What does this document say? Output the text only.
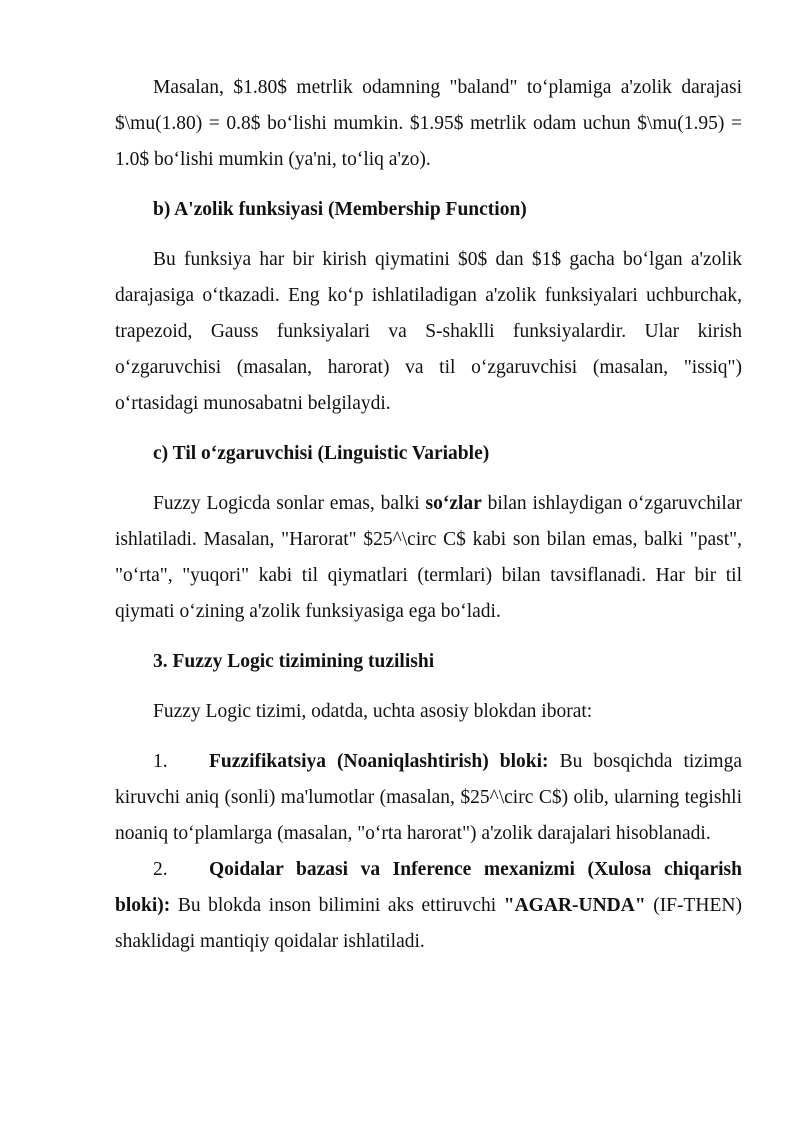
Masalan, $1.80$ metrlik odamning "baland" to‘plamiga a'zolik darajasi $\mu(1.80) = 0.8$ bo‘lishi mumkin. $1.95$ metrlik odam uchun $\mu(1.95) = 1.0$ bo‘lishi mumkin (ya'ni, to‘liq a'zo).

b) A'zolik funksiyasi (Membership Function)

Bu funksiya har bir kirish qiymatini $0$ dan $1$ gacha bo‘lgan a'zolik darajasiga o‘tkazadi. Eng ko‘p ishlatiladigan a'zolik funksiyalari uchburchak, trapezoid, Gauss funksiyalari va S-shaklli funksiyalardir. Ular kirish o‘zgaruvchisi (masalan, harorat) va til o‘zgaruvchisi (masalan, "issiq") o‘rtasidagi munosabatni belgilaydi.

c) Til o‘zgaruvchisi (Linguistic Variable)

Fuzzy Logicda sonlar emas, balki so‘zlar bilan ishlaydigan o‘zgaruvchilar ishlatiladi. Masalan, "Harorat" $25^\circ C$ kabi son bilan emas, balki "past", "o‘rta", "yuqori" kabi til qiymatlari (termlari) bilan tavsiflanadi. Har bir til qiymati o‘zining a'zolik funksiyasiga ega bo‘ladi.

3. Fuzzy Logic tizimining tuzilishi

Fuzzy Logic tizimi, odatda, uchta asosiy blokdan iborat:

1. Fuzzifikatsiya (Noaniqlashtirish) bloki: Bu bosqichda tizimga kiruvchi aniq (sonli) ma'lumotlar (masalan, $25^\circ C$) olib, ularning tegishli noaniq to‘plamlarga (masalan, "o‘rta harorat") a'zolik darajalari hisoblanadi.

2. Qoidalar bazasi va Inference mexanizmi (Xulosa chiqarish bloki): Bu blokda inson bilimini aks ettiruvchi "AGAR-UNDA" (IF-THEN) shaklidagi mantiqiy qoidalar ishlatiladi.
